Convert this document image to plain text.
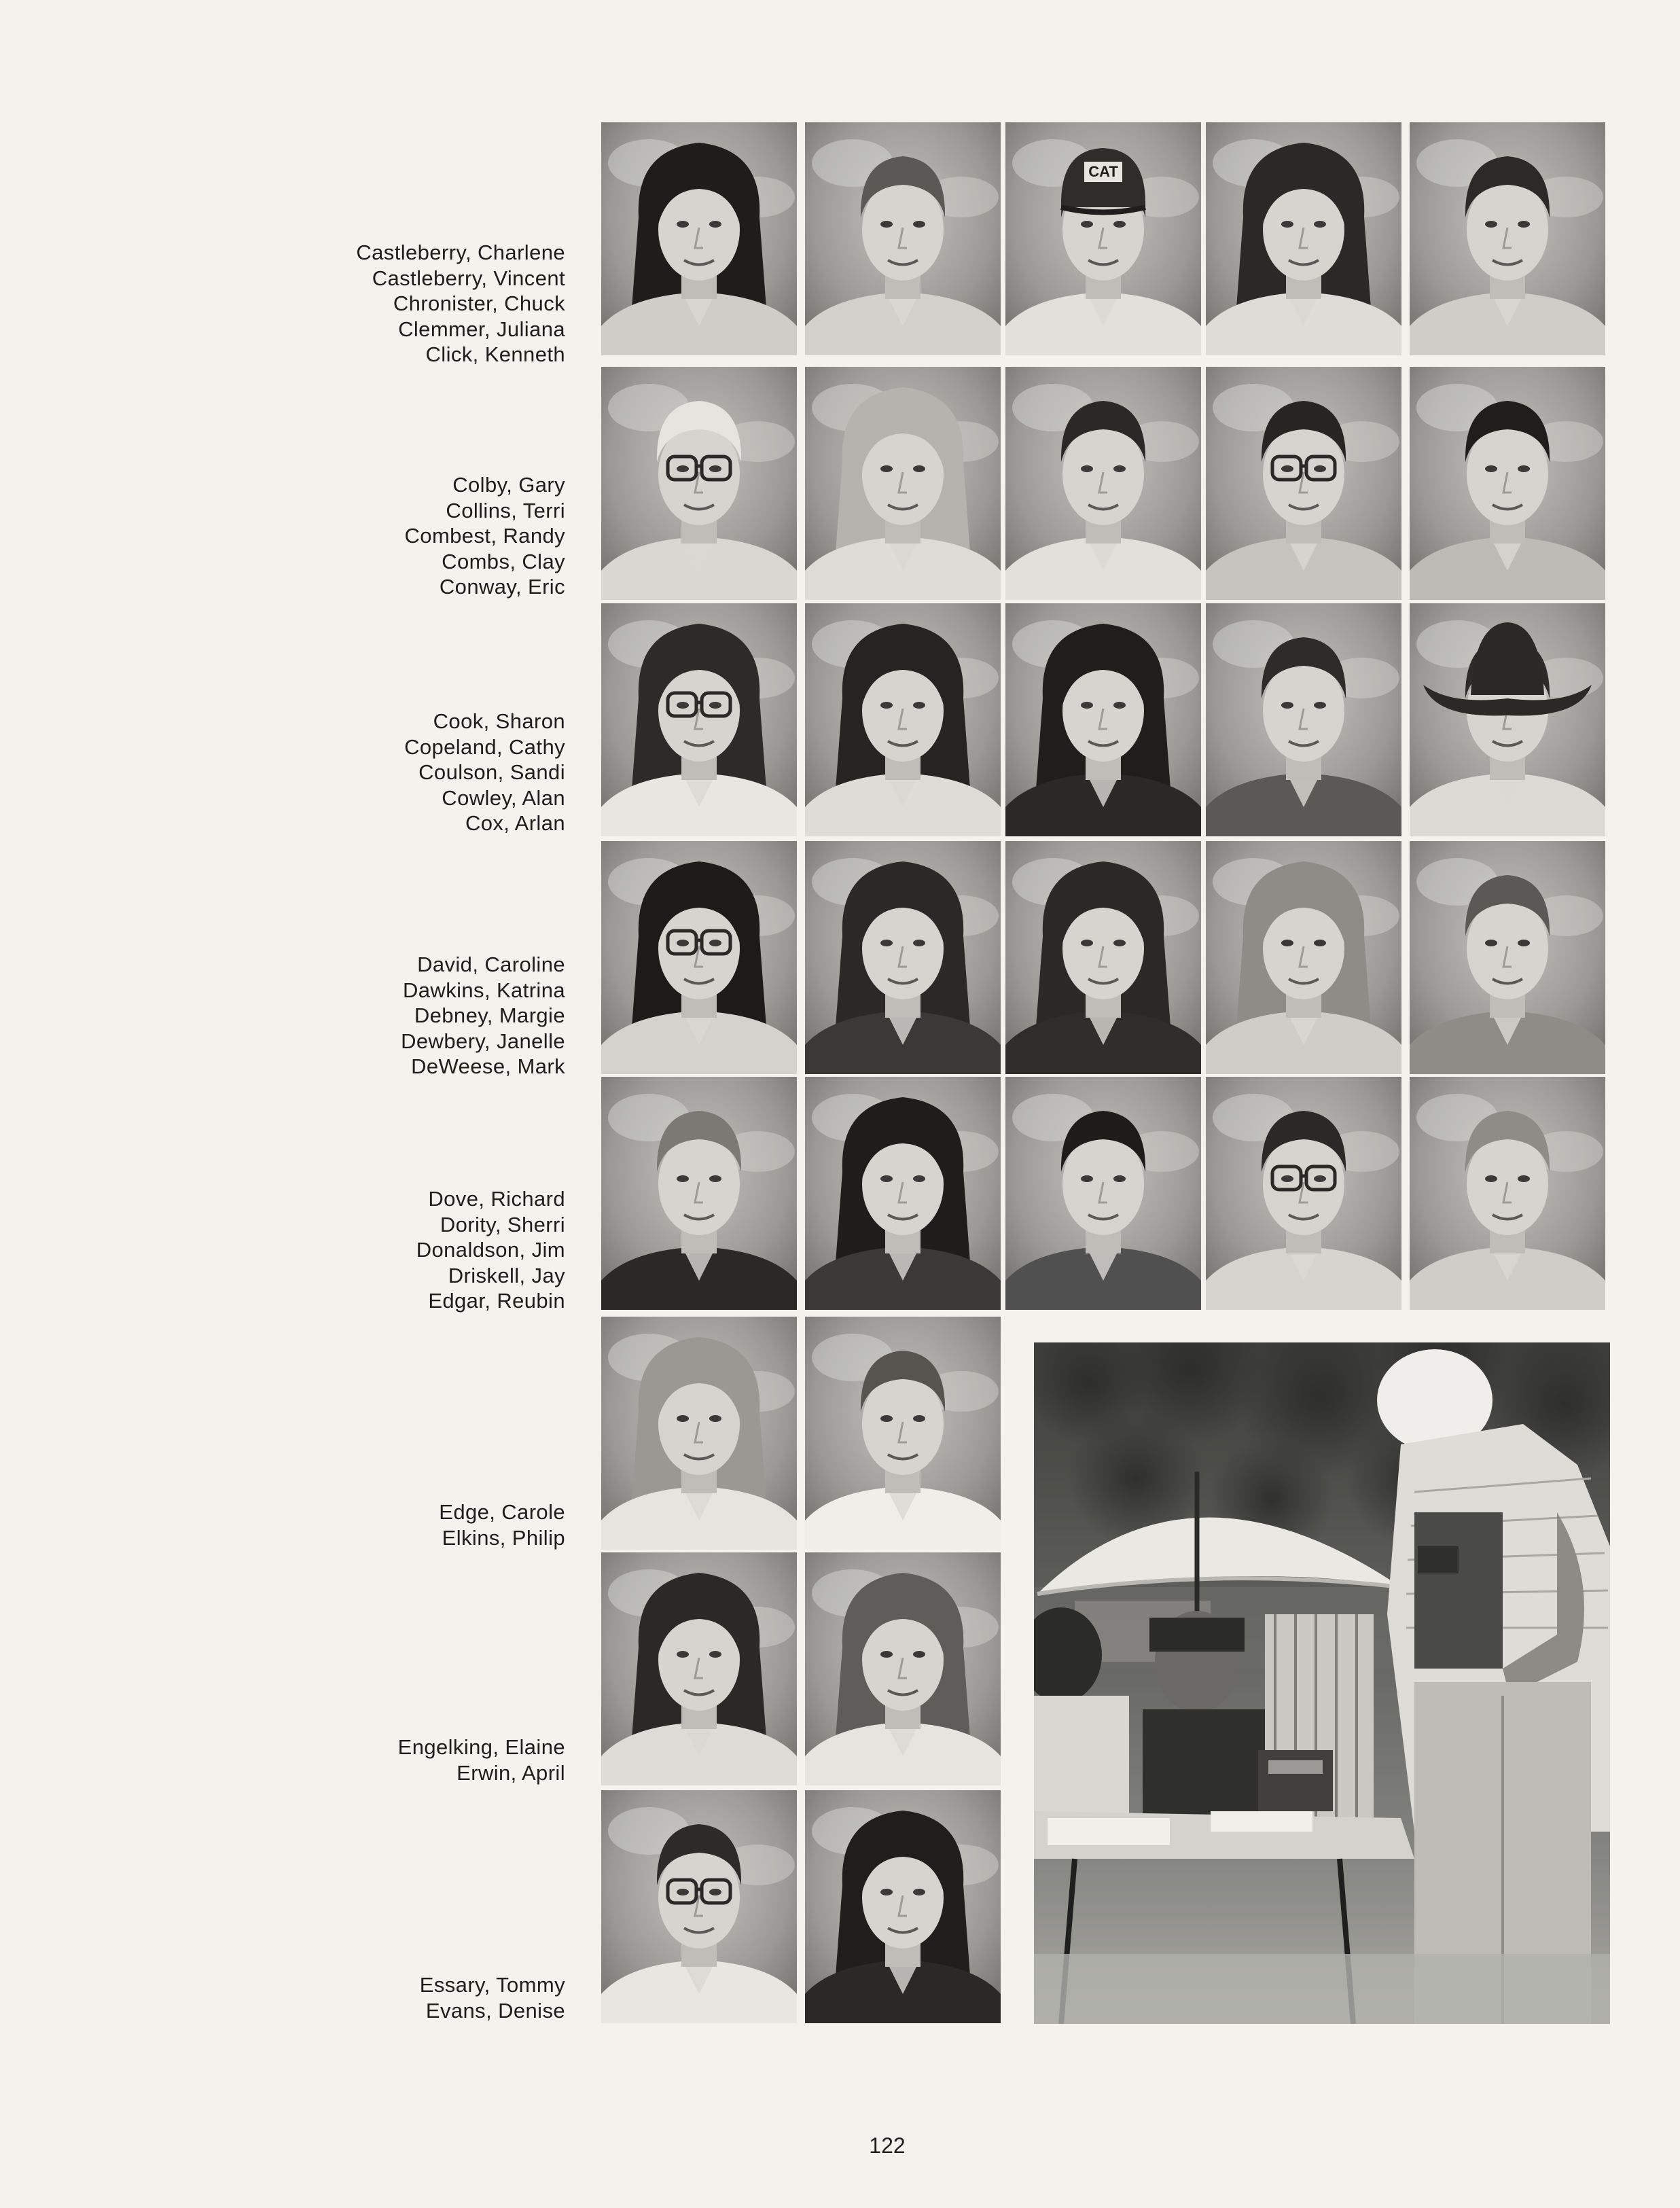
Castleberry, Charlene
Castleberry, Vincent
Chronister, Chuck
Clemmer, Juliana
Click, Kenneth
Colby, Gary
Collins, Terri
Combest, Randy
Combs, Clay
Conway, Eric
Cook, Sharon
Copeland, Cathy
Coulson, Sandi
Cowley, Alan
Cox, Arlan
David, Caroline
Dawkins, Katrina
Debney, Margie
Dewbery, Janelle
DeWeese, Mark
Dove, Richard
Dority, Sherri
Donaldson, Jim
Driskell, Jay
Edgar, Reubin
Edge, Carole
Elkins, Philip
Engelking, Elaine
Erwin, April
Essary, Tommy
Evans, Denise
CAT
122
